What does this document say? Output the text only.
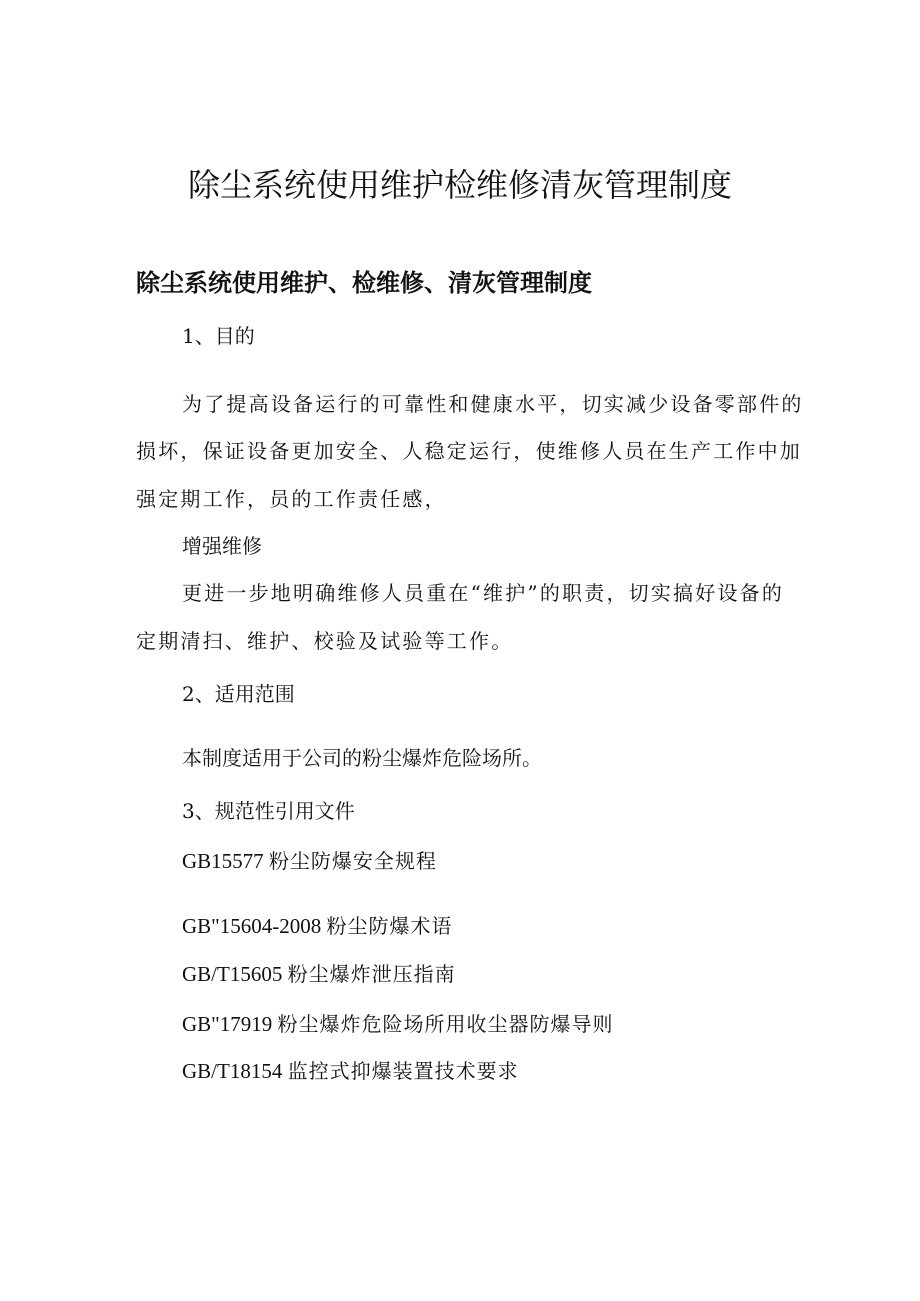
除尘系统使用维护检维修清灰管理制度
除尘系统使用维护、检维修、清灰管理制度
1、目的
为了提高设备运行的可靠性和健康水平，切实减少设备零部件的
损坏，保证设备更加安全、人稳定运行，使维修人员在生产工作中加
强定期工作，员的工作责任感，
增强维修
更进一步地明确维修人员重在“维护”的职责，切实搞好设备的
定期清扫、维护、校验及试验等工作。
2、适用范围
本制度适用于公司的粉尘爆炸危险场所。
3、规范性引用文件
GB15577 粉尘防爆安全规程
GB"15604-2008 粉尘防爆术语
GB/T15605 粉尘爆炸泄压指南
GB"17919 粉尘爆炸危险场所用收尘器防爆导则
GB/T18154 监控式抑爆装置技术要求
